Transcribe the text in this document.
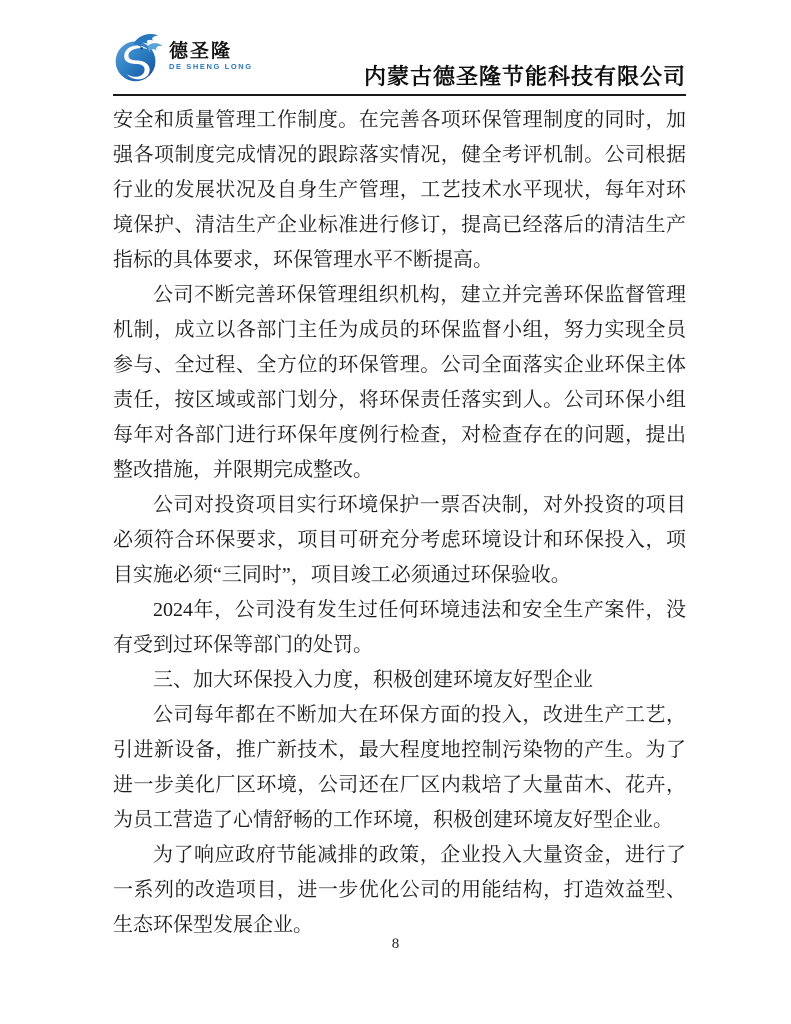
德圣隆
DE SHENG LONG	内蒙古德圣隆节能科技有限公司

安全和质量管理工作制度。在完善各项环保管理制度的同时，加强各项制度完成情况的跟踪落实情况，健全考评机制。公司根据行业的发展状况及自身生产管理，工艺技术水平现状，每年对环境保护、清洁生产企业标准进行修订，提高已经落后的清洁生产指标的具体要求，环保管理水平不断提高。

公司不断完善环保管理组织机构，建立并完善环保监督管理机制，成立以各部门主任为成员的环保监督小组，努力实现全员参与、全过程、全方位的环保管理。公司全面落实企业环保主体责任，按区域或部门划分，将环保责任落实到人。公司环保小组每年对各部门进行环保年度例行检查，对检查存在的问题，提出整改措施，并限期完成整改。

公司对投资项目实行环境保护一票否决制，对外投资的项目必须符合环保要求，项目可研充分考虑环境设计和环保投入，项目实施必须“三同时”，项目竣工必须通过环保验收。

2024年，公司没有发生过任何环境违法和安全生产案件，没有受到过环保等部门的处罚。

三、加大环保投入力度，积极创建环境友好型企业

公司每年都在不断加大在环保方面的投入，改进生产工艺，引进新设备，推广新技术，最大程度地控制污染物的产生。为了进一步美化厂区环境，公司还在厂区内栽培了大量苗木、花卉，为员工营造了心情舒畅的工作环境，积极创建环境友好型企业。

为了响应政府节能减排的政策，企业投入大量资金，进行了一系列的改造项目，进一步优化公司的用能结构，打造效益型、生态环保型发展企业。

8
